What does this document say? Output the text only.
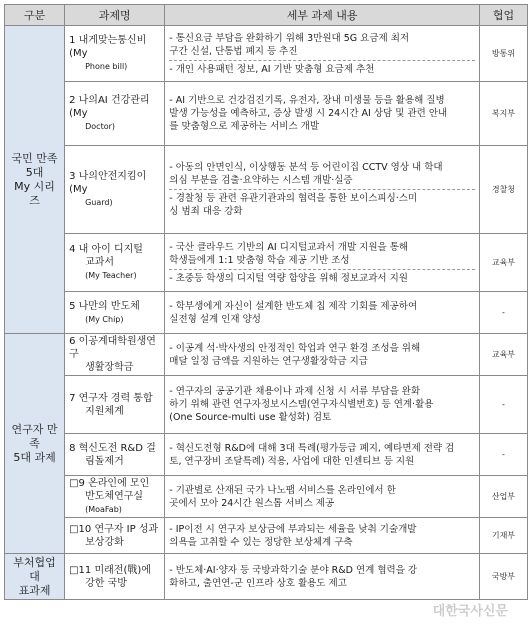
구분	과제명	세부 과제 내용	협업

국민 만족
5대
My 시리
즈	1 내게맞는통신비(My
Phone bill)	- 통신요금 부담을 완화하기 위해 3만원대 5G 요금제 최저
구간 신설, 단통법 폐지 등 추진
- 개인 사용패턴 정보, AI 기반 맞춤형 요금제 추천	방통위

	2 나의AI 건강관리(My
Doctor)	- AI 기반으로 건강검진기록, 유전자, 장내 미생물 등을 활용해 질병
발생 가능성을 예측하고, 증상 발생 시 24시간 AI 상담 및 관련 안내
를 맞춤형으로 제공하는 서비스 개발	복지부

	3 나의안전지킴이(My
Guard)	- 아동의 안면인식, 이상행동 분석 등 어린이집 CCTV 영상 내 학대
의심 부분을 검출·요약하는 시스템 개발·실증
- 경찰청 등 관련 유관기관과의 협력을 통한 보이스피싱·스미
싱 범죄 대응 강화	경찰청

	4 내 아이 디지털
교과서
(My Teacher)	- 국산 클라우드 기반의 AI 디지털교과서 개발 지원을 통해
학생들에게 1:1 맞춤형 학습 제공 기반 조성
- 초중등 학생의 디지털 역량 함양을 위해 정보교과서 지원	교육부

	5 나만의 반도체
(My Chip)	- 학부생에게 자신이 설계한 반도체 칩 제작 기회를 제공하여
실전형 설계 인재 양성	-

연구자 만
족
5대 과제	6 이공계대학원생연구
생활장학금	- 이공계 석·박사생의 안정적인 학업과 연구 환경 조성을 위해
매달 일정 금액을 지원하는 연구생활장학금 지급	교육부

	7 연구자 경력 통합
지원체계	- 연구자의 공공기관 채용이나 과제 신청 시 서류 부담을 완화
하기 위해 관련 연구자정보시스템(연구자식별번호) 등 연계·활용
(One Source-multi use 활성화) 검토	-

	8 혁신도전 R&D 걸
림돌제거	- 혁신도전형 R&D에 대해 3대 특례(평가등급 폐지, 예타면제 전략 검
토, 연구장비 조달특례) 적용, 사업에 대한 인센티브 등 지원	-

	□9 온라인에 모인
반도체연구실
(MoaFab)	- 기관별로 산재된 국가 나노팹 서비스를 온라인에서 한
곳에서 모아 24시간 원스톱 서비스 제공	산업부

	□10 연구자 IP 성과
보상강화	- IP이전 시 연구자 보상금에 부과되는 세율을 낮춰 기술개발
의욕을 고취할 수 있는 정당한 보상체계 구축	기재부

부처협업대
표과제	□11 미래전(戰)에
강한 국방	- 반도체·AI·양자 등 국방과학기술 분야 R&D 연계 협력을 강
화하고, 출연연-군 인프라 상호 활용도 제고	국방부
대한국사신문
